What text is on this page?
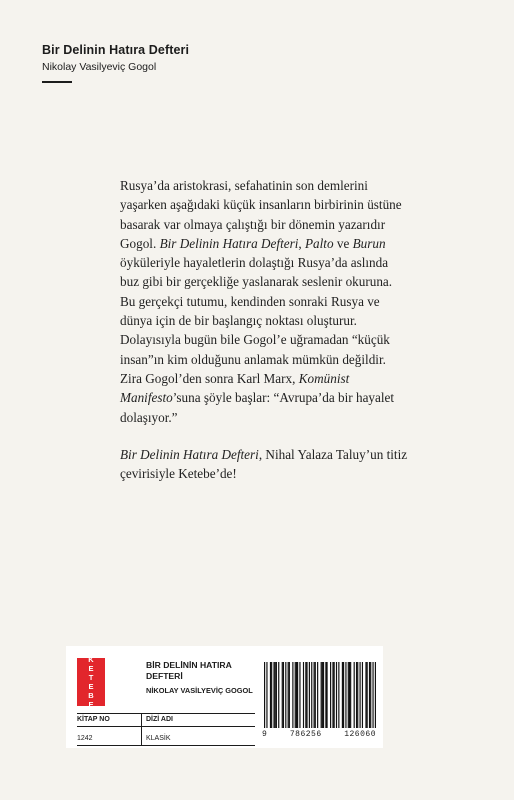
Bir Delinin Hatıra Defteri
Nikolay Vasilyeviç Gogol

Rusya’da aristokrasi, sefahatinin son demlerini yaşarken aşağıdaki küçük insanların birbirinin üstüne basarak var olmaya çalıştığı bir dönemin yazarıdır Gogol. Bir Delinin Hatıra Defteri, Palto ve Burun öyküleriyle hayaletlerin dolaştığı Rusya’da aslında buz gibi bir gerçekliğe yaslanarak seslenir okuruna. Bu gerçekçi tutumu, kendinden sonraki Rusya ve dünya için de bir başlangıç noktası oluşturur. Dolayısıyla bugün bile Gogol’e uğramadan “küçük insan”ın kim olduğunu anlamak mümkün değildir. Zira Gogol’den sonra Karl Marx, Komünist Manifesto’suna şöyle başlar: “Avrupa’da bir hayalet dolaşıyor.”

Bir Delinin Hatıra Defteri, Nihal Yalaza Taluy’un titiz çevirisiyle Ketebe’de!

K
E
T
E
B
E
BİR DELİNİN HATIRA DEFTERİ
NİKOLAY VASİLYEVİÇ GOGOL
KİTAP NO	DİZİ ADI
1242	KLASİK	9	786256	126060
